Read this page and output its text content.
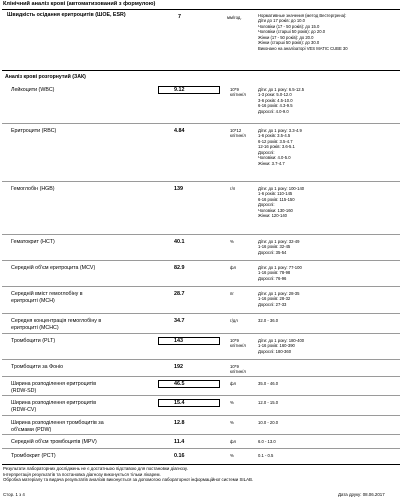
Клінічний аналіз крові (автоматизований з формулою)
Швидкість осідання еритроцитів (ШОЕ, ESR)	7	мм/год.	Нормативные значения (метод Вестергрена):
Діти до 17 років: до 10.0
Чоловіки (17 - 50 років): до 15.0
Чоловіки (старші 50 років): до 20.0
Жінки (17 - 50 років): до 20.0
Жінки (старші 50 років): до 30.0
Виконано на аналізаторі VES MATIC CUBE 30
Аналіз крові розгорнутий (ЗАК)
Лейкоцити (WBC)	9.12	10*9
клітин/л
Діти: до 1 року: 6.5-12.5
1-3 роки: 5.0-12.0
3-6 років: 4.5-10.0
6-16 років: 4.3-9.5
Дорослі: 4.0-9.0
Еритроцити (RBC)	4.84	10*12
клітин/л
Діти: до 1 року: 3.3-4.9
1-6 років: 3.5-4.5
6-12 років: 3.5-4.7
12-16 років: 3.6-5.1
Дорослі:
Чоловіки: 4.0-5.0
Жінки: 3.7-4.7
Гемоглобін (HGB)	139	г/л	Діти: до 1 року: 100-140
1-6 років: 110-145
6-16 років: 115-150
Дорослі:
Чоловіки: 130-160
Жінки: 120-140
Гематокрит (HCT)	40.1	%	Діти: до 1 року: 32-49
1-16 років: 32-45
Дорослі: 35-54
Середній об'єм еритроцита (MCV)	82.9	фл	Діти: до 1 року: 77-100
1-16 років: 78-98
Дорослі: 76-96
Середній вміст гемоглобіну в
еритроциті (MCH)
28.7	пг	Діти: до 1 року: 28-35
1-16 років: 28-32
Дорослі: 27-33
Середня концентрація гемоглобіну в
еритроциті (MCHC)
34.7	г/дл	32.0 - 36.0
Тромбоцити (PLT)	143	10*9
клітин/л
Діти: до 1 року: 180-400
1-16 років: 160-390
Дорослі: 180-360
Тромбоцити за Фоніо	192	10*9
клітин/л
Ширина розподілення еритроцитів
(RDW-SD)
46.5	фл	35.0 - 46.0
Ширина розподілення еритроцитів
(RDW-CV)
15.4	%	12.0 - 15.0
Ширина розподілення тромбоцитів за
об'ємами (PDW)
12.8	%	10.0 - 20.0
Середній об'єм тромбоцитів (MPV)	11.4	фл	6.0 - 13.0
Тромбокрит (PCT)	0.16	%	0.1 - 0.5
Результати лабораторних досліджень не є достатньою підставою для постановки діагнозу.
Інтерпретація результатів та постановка діагнозу виконується тільки лікарем.
Обробка матеріалу та видача результатів аналізів виконується за допомогою лабораторної інформаційної системи SILAB.
Стор. 1 з 4	Дата друку: 08.06.2017
